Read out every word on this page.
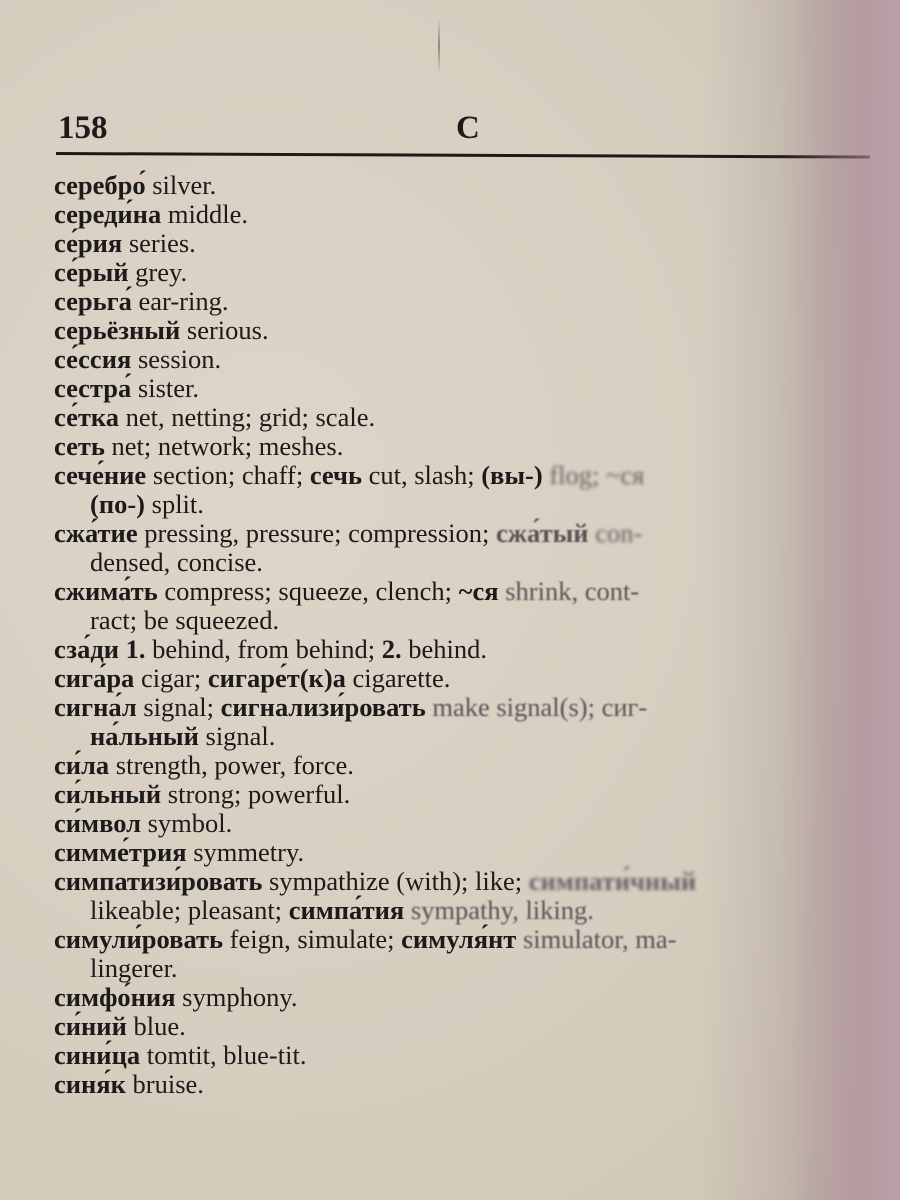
158	С

серебро́ silver.

середи́на middle.

се́рия series.

се́рый grey.

серьга́ ear-ring.

серьёзный serious.

се́ссия session.

сестра́ sister.

се́тка net, netting; grid; scale.

сеть net; network; meshes.

сече́ние section; chaff; сечь cut, slash; (вы-) flog; ~ся

(по-) split.

сжа́тие pressing, pressure; compression; сжа́тый con-

densed, concise.

сжима́ть compress; squeeze, clench; ~ся shrink, cont-

ract; be squeezed.

сза́ди 1. behind, from behind; 2. behind.

сига́ра cigar; сигаре́т(к)а cigarette.

сигна́л signal; сигнализи́ровать make signal(s); сиг-

на́льный signal.

си́ла strength, power, force.

си́льный strong; powerful.

си́мвол symbol.

симме́трия symmetry.

симпатизи́ровать sympathize (with); like; симпати́чный

likeable; pleasant; симпа́тия sympathy, liking.

симули́ровать feign, simulate; симуля́нт simulator, ma-

lingerer.

симфо́ния symphony.

си́ний blue.

сини́ца tomtit, blue-tit.

синя́к bruise.
